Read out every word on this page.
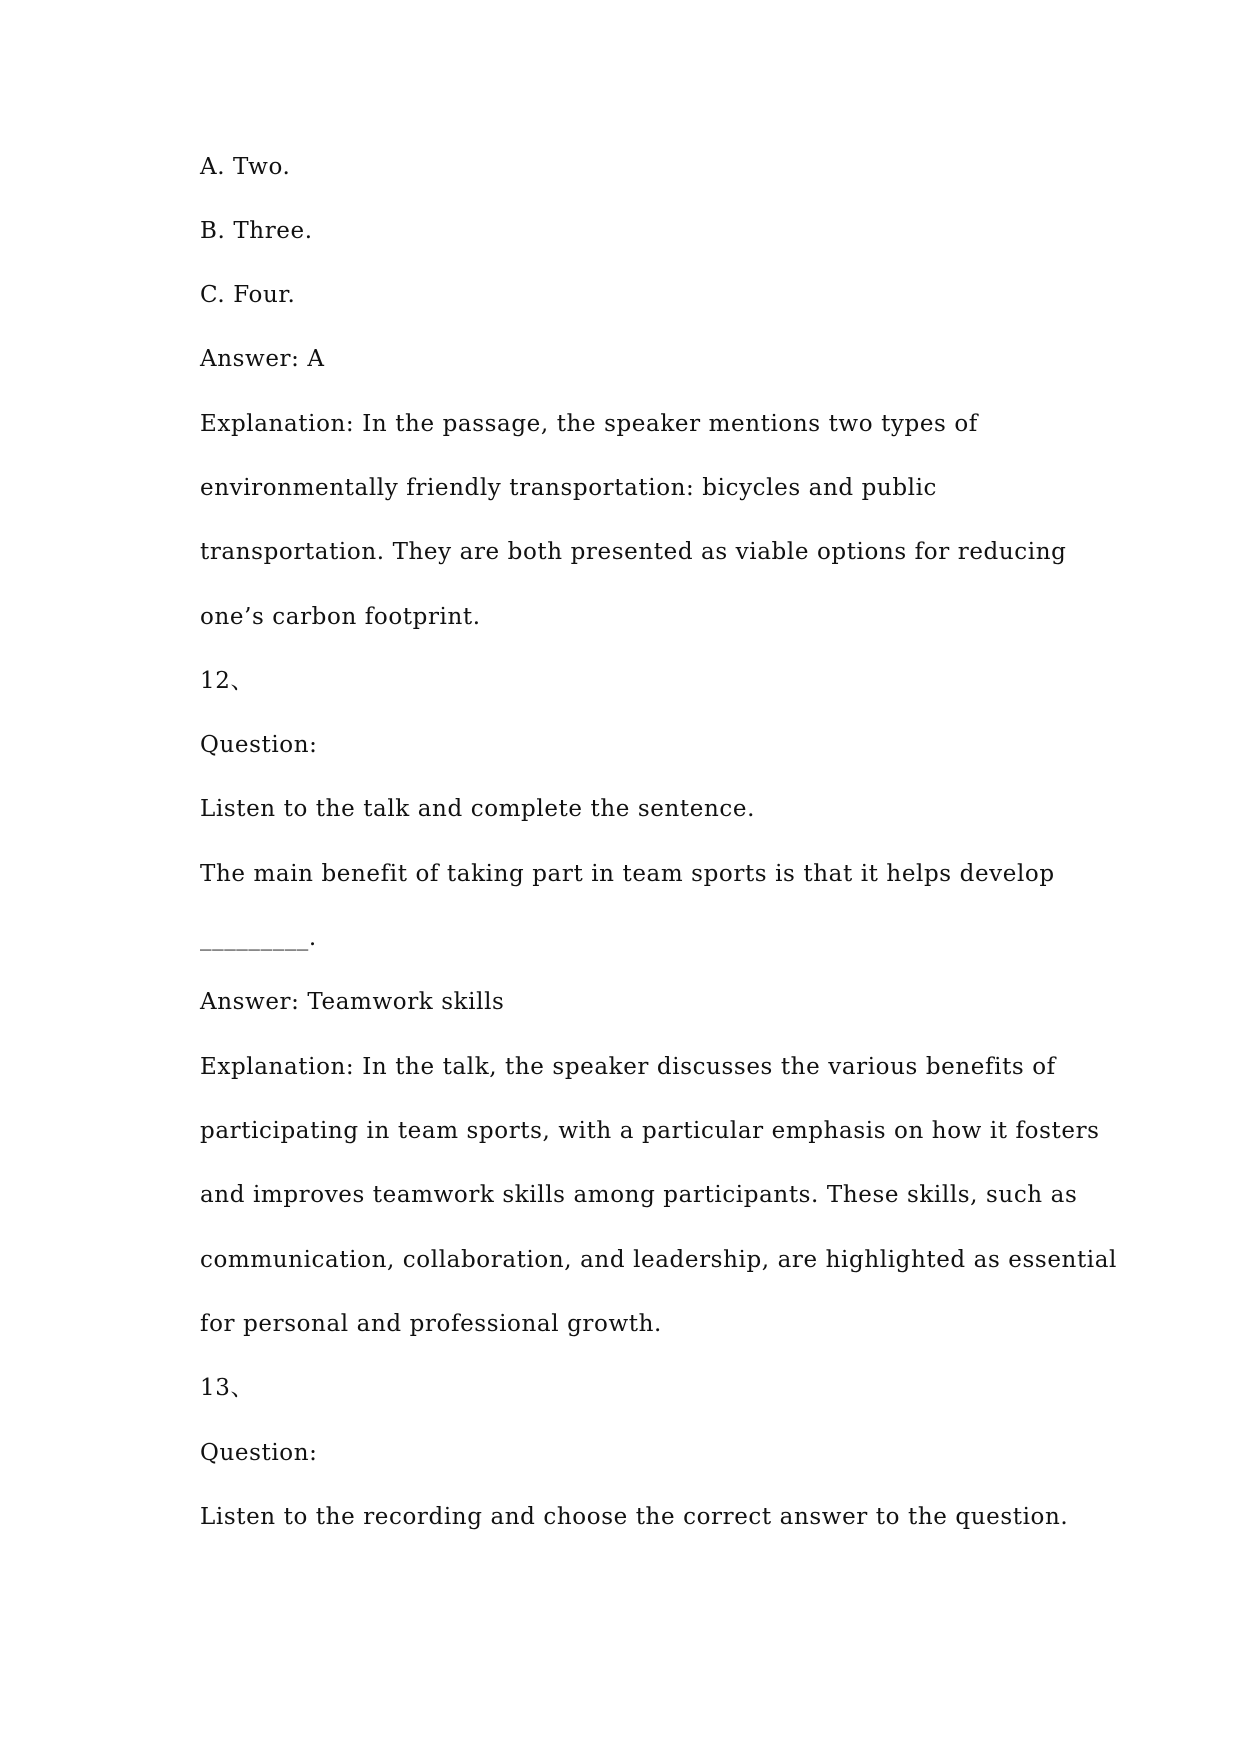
A. Two.
B. Three.
C. Four.
Answer: A
Explanation: In the passage, the speaker mentions two types of
environmentally friendly transportation: bicycles and public
transportation. They are both presented as viable options for reducing
one’s carbon footprint.
12、
Question:
Listen to the talk and complete the sentence.
The main benefit of taking part in team sports is that it helps develop
_________.
Answer: Teamwork skills
Explanation: In the talk, the speaker discusses the various benefits of
participating in team sports, with a particular emphasis on how it fosters
and improves teamwork skills among participants. These skills, such as
communication, collaboration, and leadership, are highlighted as essential
for personal and professional growth.
13、
Question:
Listen to the recording and choose the correct answer to the question.
